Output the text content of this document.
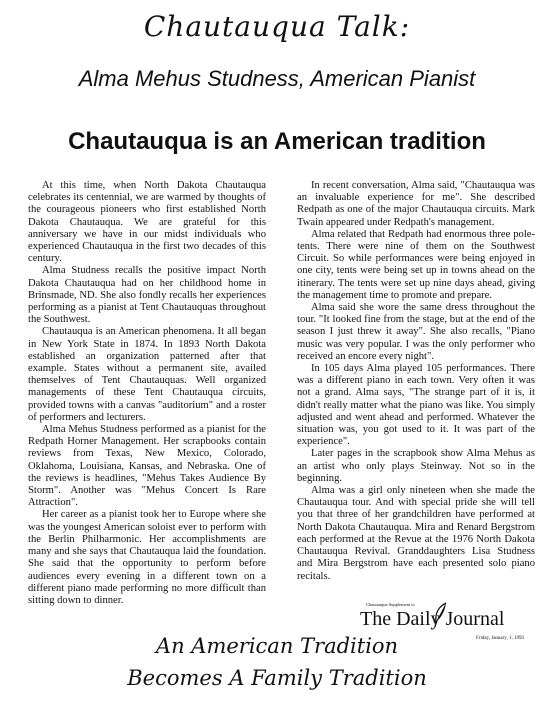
Chautauqua Talk:
Alma Mehus Studness, American Pianist
Chautauqua is an American tradition

At this time, when North Dakota Chautauqua celebrates its centennial, we are warmed by thoughts of the courageous pioneers who first established North Dakota Chautauqua. We are grateful for this anniversary we have in our midst individuals who experienced Chautauqua in the first two decades of this century.

Alma Studness recalls the positive impact North Dakota Chautauqua had on her childhood home in Brinsmade, ND. She also fondly recalls her experiences performing as a pianist at Tent Chautauquas throughout the Southwest.

Chautauqua is an American phenomena. It all began in New York State in 1874. In 1893 North Dakota established an organization patterned after that example. States without a permanent site, availed themselves of Tent Chautauquas. Well organized managements of these Tent Chautauqua circuits, provided towns with a canvas "auditorium" and a roster of performers and lecturers.

Alma Mehus Studness performed as a pianist for the Redpath Horner Management. Her scrapbooks contain reviews from Texas, New Mexico, Colorado, Oklahoma, Louisiana, Kansas, and Nebraska. One of the reviews is headlines, "Mehus Takes Audience By Storm". Another was "Mehus Concert Is Rare Attraction".

Her career as a pianist took her to Europe where she was the youngest American soloist ever to perform with the Berlin Philharmonic. Her accomplishments are many and she says that Chautauqua laid the foundation. She said that the opportunity to perform before audiences every evening in a different town on a different piano made performing no more difficult than sitting down to dinner.

In recent conversation, Alma said, "Chautauqua was an invaluable experience for me". She described Redpath as one of the major Chautauqua circuits. Mark Twain appeared under Redpath's management.

Alma related that Redpath had enormous three pole-tents. There were nine of them on the Southwest Circuit. So while performances were being enjoyed in one city, tents were being set up in towns ahead on the itinerary. The tents were set up nine days ahead, giving the management time to promote and prepare.

Alma said she wore the same dress throughout the tour. "It looked fine from the stage, but at the end of the season I just threw it away". She also recalls, "Piano music was very popular. I was the only performer who received an encore every night".

In 105 days Alma played 105 performances. There was a different piano in each town. Very often it was not a grand. Alma says, "The strange part of it is, it didn't really matter what the piano was like. You simply adjusted and went ahead and performed. Whatever the situation was, you got used to it. It was part of the experience".

Later pages in the scrapbook show Alma Mehus as an artist who only plays Steinway. Not so in the beginning.

Alma was a girl only nineteen when she made the Chautauqua tour. And with special pride she will tell you that three of her grandchildren have performed at North Dakota Chautauqua. Mira and Renard Bergstrom each performed at the Revue at the 1976 North Dakota Chautauqua Revival. Granddaughters Lisa Studness and Mira Bergstrom have each presented solo piano recitals.

Chautauqua Supplement to
The Daily Journal
Friday, January, 1, 1993
An American Tradition
Becomes A Family Tradition
